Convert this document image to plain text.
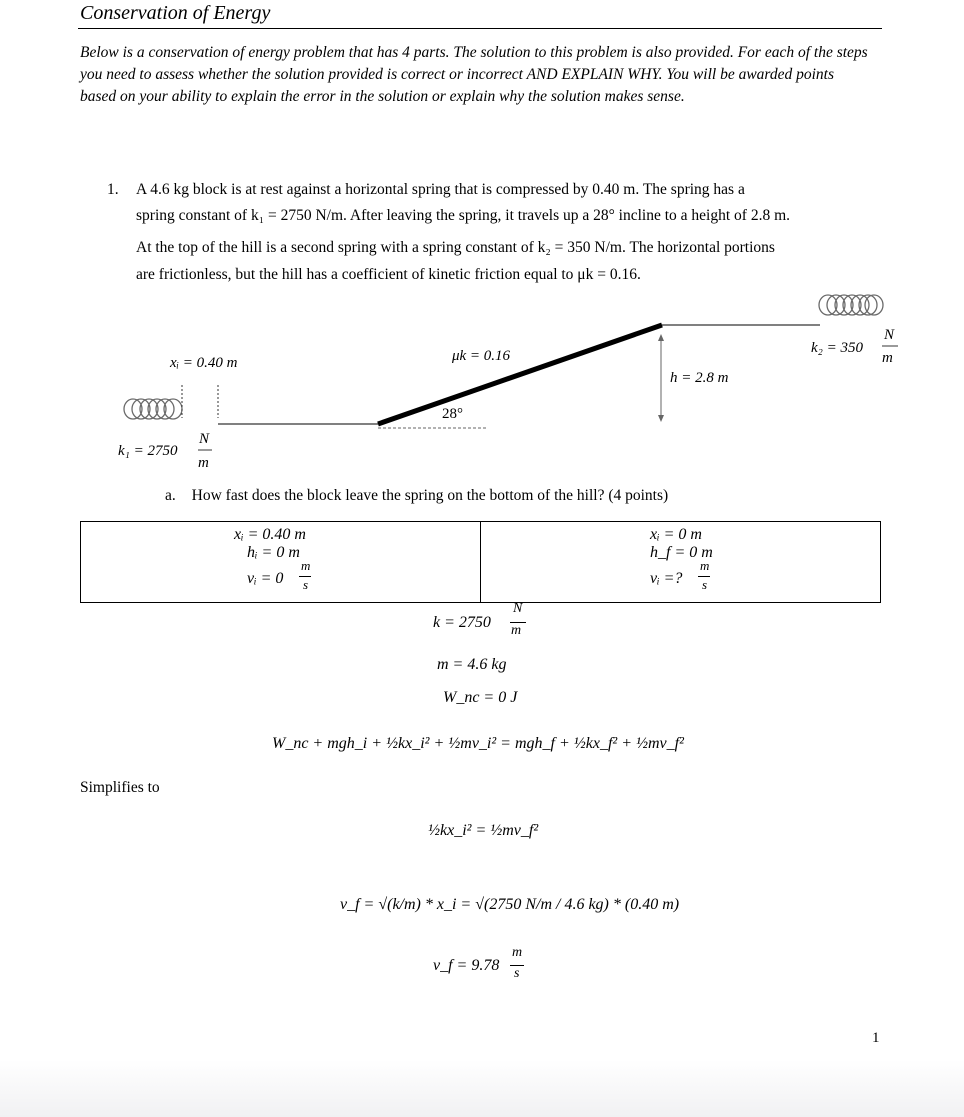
Conservation of Energy
Below is a conservation of energy problem that has 4 parts. The solution to this problem is also provided. For each of the steps you need to assess whether the solution provided is correct or incorrect AND EXPLAIN WHY. You will be awarded points based on your ability to explain the error in the solution or explain why the solution makes sense.
1. A 4.6 kg block is at rest against a horizontal spring that is compressed by 0.40 m. The spring has a
spring constant of k₁ = 2750 N/m. After leaving the spring, it travels up a 28° incline to a height of 2.8 m.
At the top of the hill is a second spring with a spring constant of k₂ = 350 N/m. The horizontal portions
are frictionless, but the hill has a coefficient of kinetic friction equal to μk = 0.16.
xᵢ = 0.40 m	μk = 0.16
h = 2.8 m
28°
k₁ = 2750
N
m
k₂ = 350
N
m
a. How fast does the block leave the spring on the bottom of the hill? (4 points)
xᵢ = 0.40 m
hᵢ = 0 m
vᵢ = 0
m
s
xᵢ = 0 m
h_f = 0 m
vᵢ =?
m
s
k = 2750
N
m
m = 4.6 kg
W_nc = 0 J
W_nc + mgh_i + ½kx_i² + ½mv_i² = mgh_f + ½kx_f² + ½mv_f²
Simplifies to
½kx_i² = ½mv_f²
v_f = √(k/m) * x_i = √(2750 N/m / 4.6 kg) * (0.40 m)
v_f = 9.78
m
s
1
